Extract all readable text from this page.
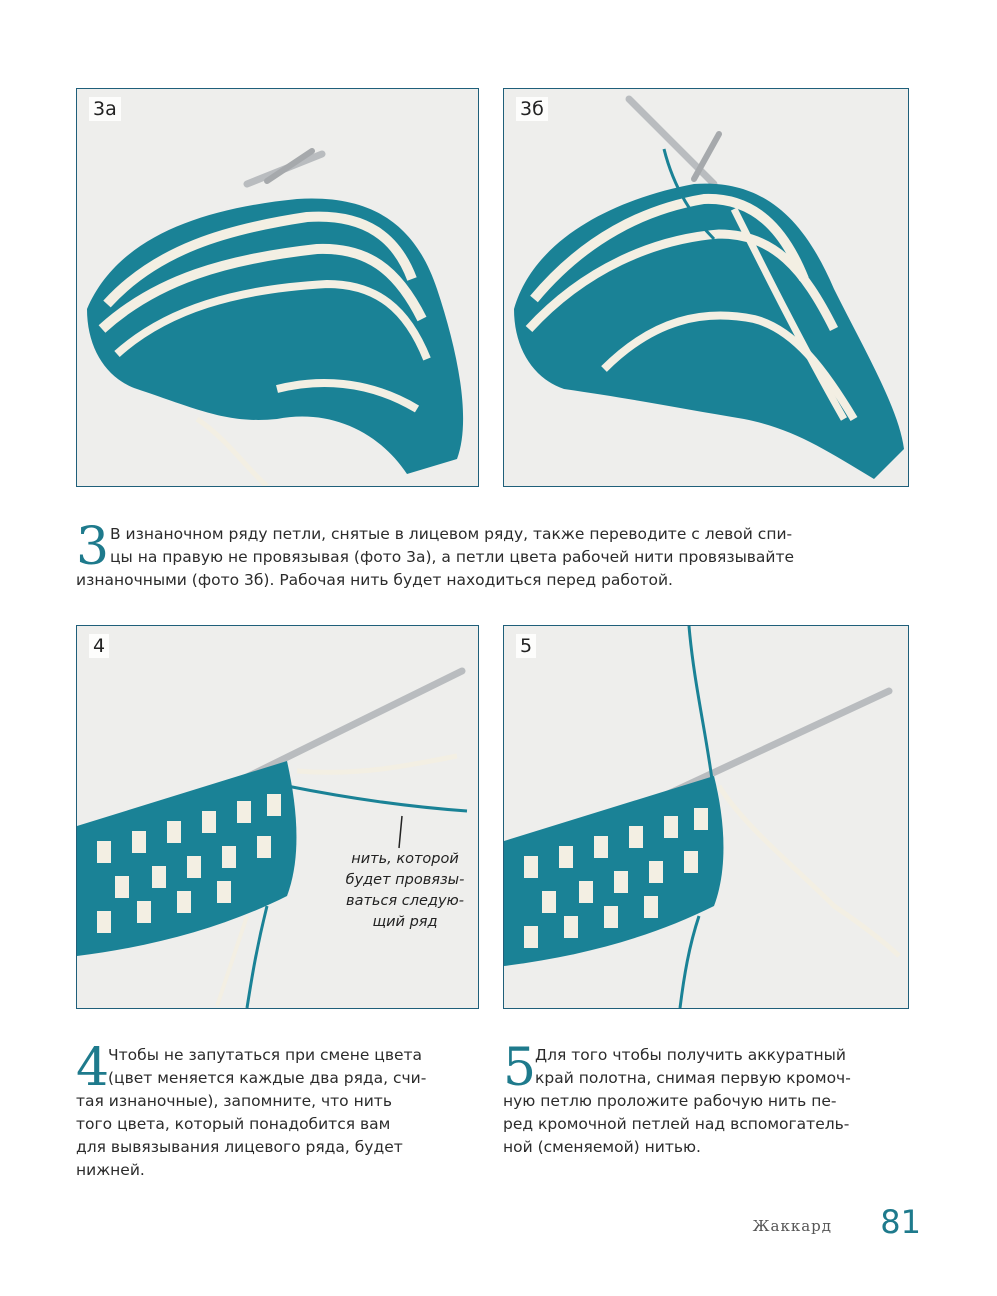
3а	3б
3 В изнаночном ряду петли, снятые в лицевом ряду, также переводите с левой спи-
цы на правую не провязывая (фото 3а), а петли цвета рабочей нити провязывайте
изнаночными (фото 3б). Рабочая нить будет находиться перед работой.
4
нить, которой
будет провязы-
ваться следую-
щий ряд
5
4
Чтобы не запутаться при смене цвета
(цвет меняется каждые два ряда, счи-
тая изнаночные), запомните, что нить
того цвета, который понадобится вам
для вывязывания лицевого ряда, будет
нижней.
5
Для того чтобы получить аккуратный
край полотна, снимая первую кромоч-
ную петлю проложите рабочую нить пе-
ред кромочной петлей над вспомогатель-
ной (сменяемой) нитью.
Жаккард 81
